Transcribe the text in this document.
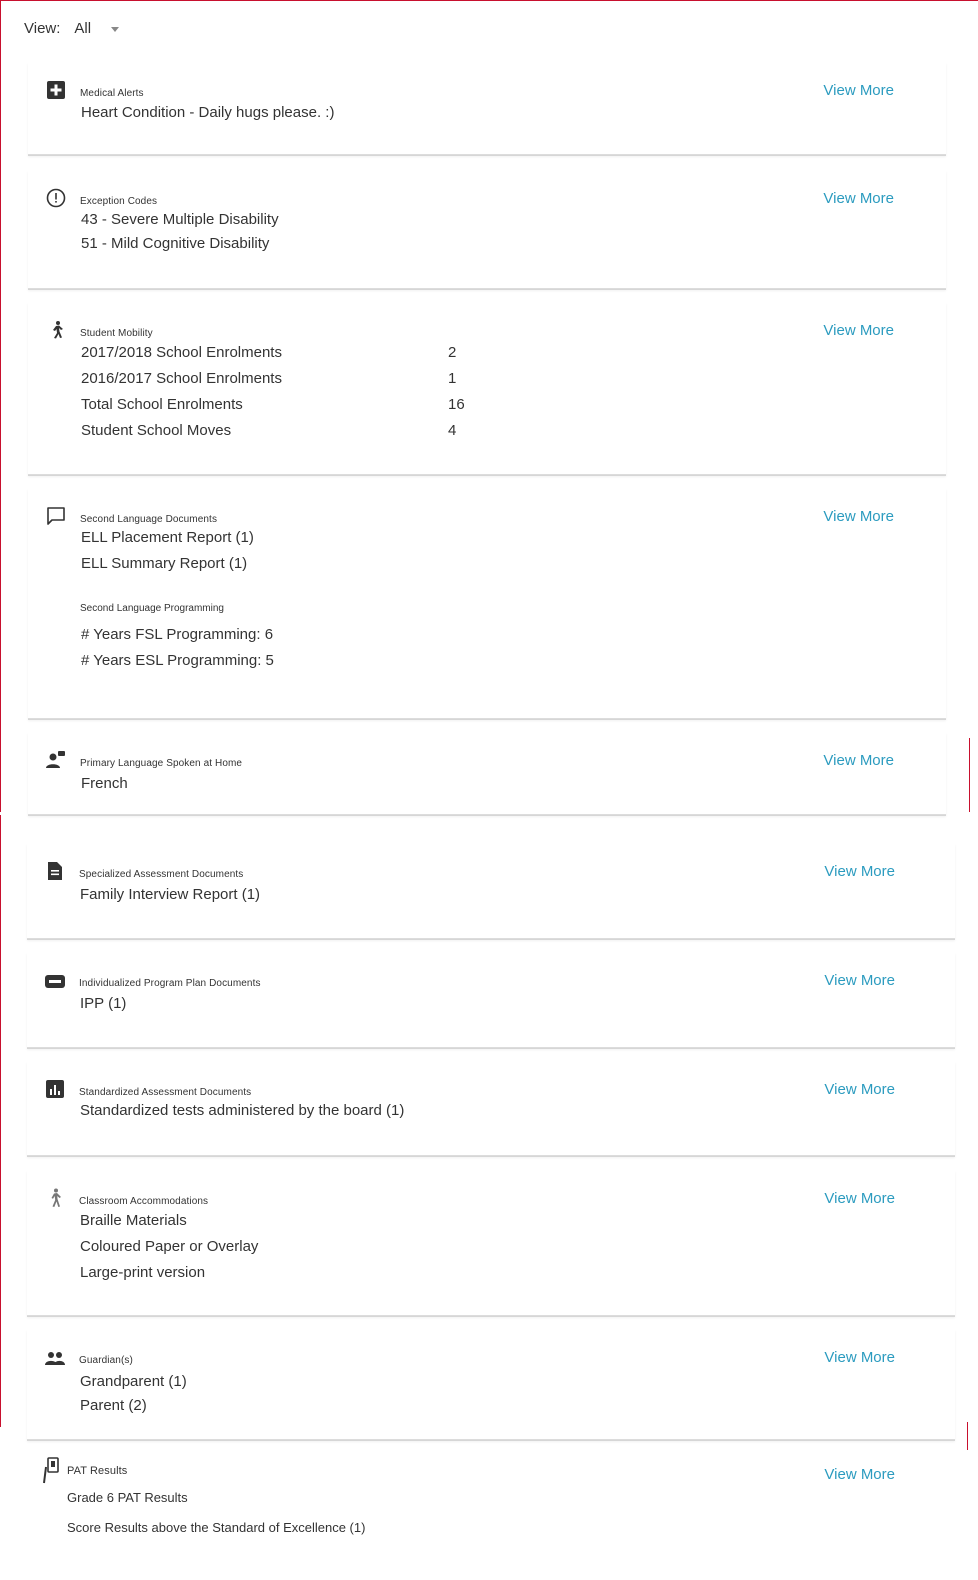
View: All
Medical Alerts	View More
Heart Condition - Daily hugs please. :)
Exception Codes	View More
43 - Severe Multiple Disability
51 - Mild Cognitive Disability
Student Mobility	View More
2017/2018 School Enrolments	2
2016/2017 School Enrolments	1
Total School Enrolments	16
Student School Moves	4
Second Language Documents	View More
ELL Placement Report (1)
ELL Summary Report (1)
Second Language Programming
# Years FSL Programming: 6
# Years ESL Programming: 5
Primary Language Spoken at Home	View More
French
Specialized Assessment Documents	View More
Family Interview Report (1)
Individualized Program Plan Documents	View More
IPP (1)
Standardized Assessment Documents	View More
Standardized tests administered by the board (1)
Classroom Accommodations	View More
Braille Materials
Coloured Paper or Overlay
Large-print version
Guardian(s)	View More
Grandparent (1)
Parent (2)
PAT Results	View More
Grade 6 PAT Results
Score Results above the Standard of Excellence (1)
